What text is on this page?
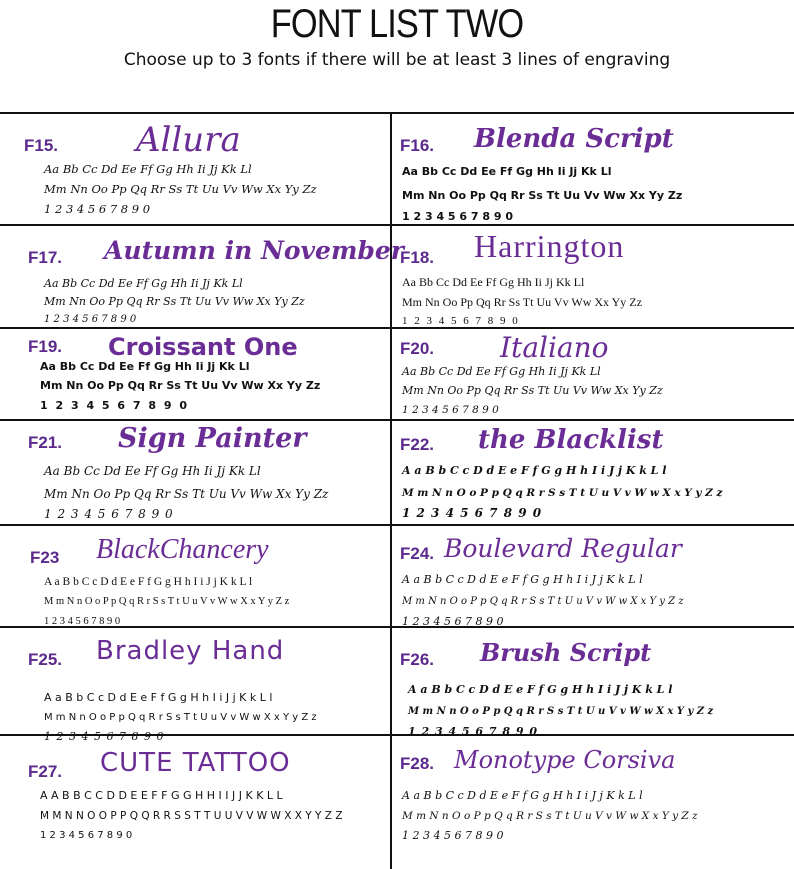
FONT LIST TWO
Choose up to 3 fonts if there will be at least 3 lines of engraving
F15. Allura
Aa Bb Cc Dd Ee Ff Gg Hh Ii Jj Kk Ll
Mm Nn Oo Pp Qq Rr Ss Tt Uu Vv Ww Xx Yy Zz
1 2 3 4 5 6 7 8 9 0
F16. Blenda Script
Aa Bb Cc Dd Ee Ff Gg Hh Ii Jj Kk Ll
Mm Nn Oo Pp Qq Rr Ss Tt Uu Vv Ww Xx Yy Zz
1 2 3 4 5 6 7 8 9 0
F17. Autumn in November
Aa Bb Cc Dd Ee Ff Gg Hh Ii Jj Kk Ll
Mm Nn Oo Pp Qq Rr Ss Tt Uu Vv Ww Xx Yy Zz
1 2 3 4 5 6 7 8 9 0
F18. Harrington
Aa Bb Cc Dd Ee Ff Gg Hh Ii Jj Kk Ll
Mm Nn Oo Pp Qq Rr Ss Tt Uu Vv Ww Xx Yy Zz
1 2 3 4 5 6 7 8 9 0
F19. Croissant One
Aa Bb Cc Dd Ee Ff Gg Hh Ii Jj Kk Ll
Mm Nn Oo Pp Qq Rr Ss Tt Uu Vv Ww Xx Yy Zz
1 2 3 4 5 6 7 8 9 0
F20. Italiano
Aa Bb Cc Dd Ee Ff Gg Hh Ii Jj Kk Ll
Mm Nn Oo Pp Qq Rr Ss Tt Uu Vv Ww Xx Yy Zz
1 2 3 4 5 6 7 8 9 0
F21. Sign Painter
Aa Bb Cc Dd Ee Ff Gg Hh Ii Jj Kk Ll
Mm Nn Oo Pp Qq Rr Ss Tt Uu Vv Ww Xx Yy Zz
1 2 3 4 5 6 7 8 9 0
F22. the Blacklist
A a B b C c D d E e F f G g H h I i J j K k L l
M m N n O o P p Q q R r S s T t U u V v W w X x Y y Z z
1 2 3 4 5 6 7 8 9 0
F23 BlackChancery
A a B b C c D d E e F f G g H h I i J j K k L l
M m N n O o P p Q q R r S s T t U u V v W w X x Y y Z z
1 2 3 4 5 6 7 8 9 0
F24. Boulevard Regular
A a B b C c D d E e F f G g H h I i J j K k L l
M m N n O o P p Q q R r S s T t U u V v W w X x Y y Z z
1 2 3 4 5 6 7 8 9 0
F25. Bradley Hand
A a B b C c D d E e F f G g H h I i J j K k L l
M m N n O o P p Q q R r S s T t U u V v W w X x Y y Z z
1 2 3 4 5 6 7 8 9 0
F26. Brush Script
A a B b C c D d E e F f G g H h I i J j K k L l
M m N n O o P p Q q R r S s T t U u V v W w X x Y y Z z
1 2 3 4 5 6 7 8 9 0
F27. CUTE TATTOO
A A B B C C D D E E F F G G H H I I J J K K L L
M M N N O O P P Q Q R R S S T T U U V V W W X X Y Y Z Z
1 2 3 4 5 6 7 8 9 0
F28. Monotype Corsiva
A a B b C c D d E e F f G g H h I i J j K k L l
M m N n O o P p Q q R r S s T t U u V v W w X x Y y Z z
1 2 3 4 5 6 7 8 9 0
